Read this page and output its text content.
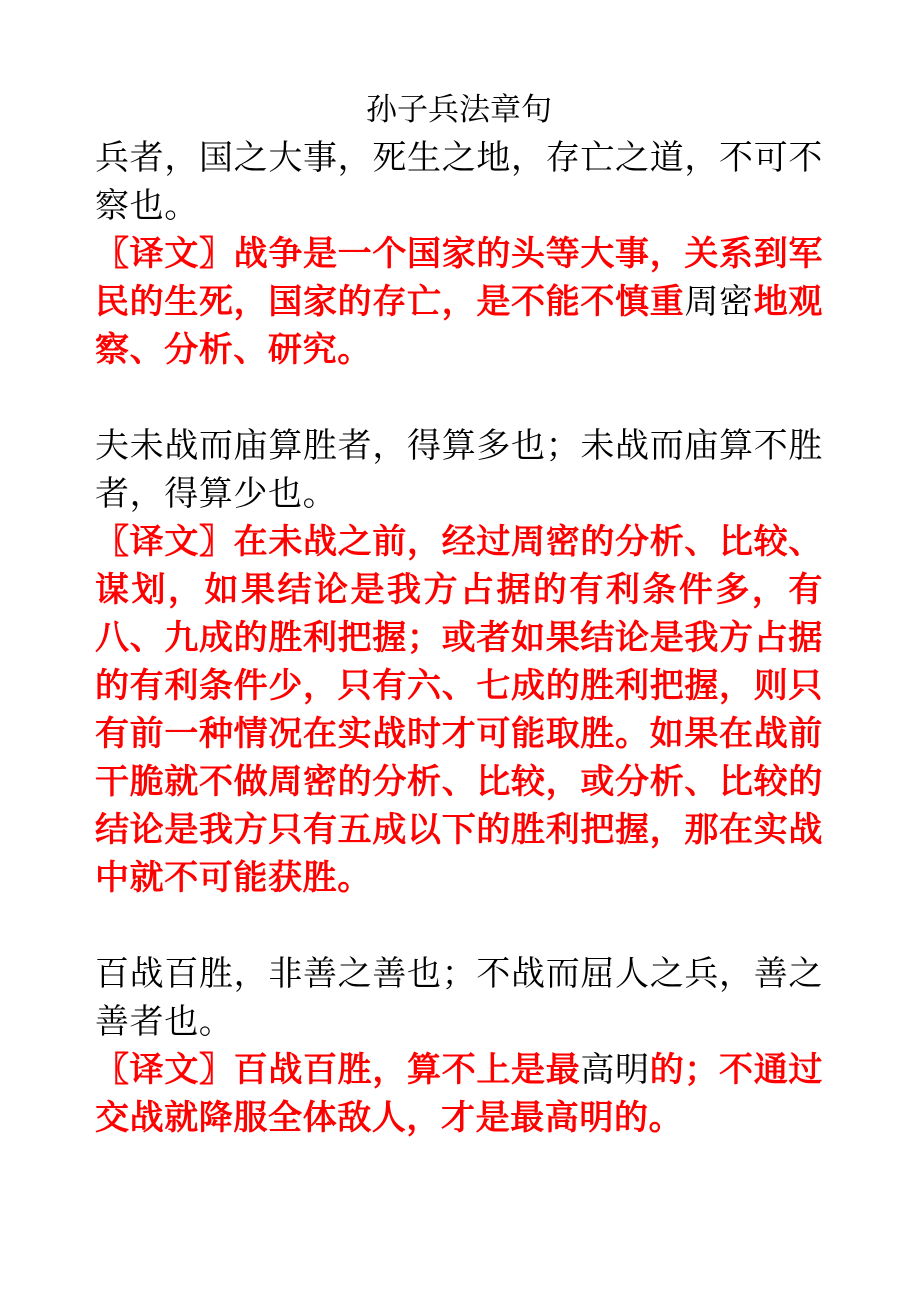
孙子兵法章句

兵者，国之大事，死生之地，存亡之道，不可不察也。

〖译文〗战争是一个国家的头等大事，关系到军民的生死，国家的存亡，是不能不慎重周密地观察、分析、研究。

夫未战而庙算胜者，得算多也；未战而庙算不胜者，得算少也。

〖译文〗在未战之前，经过周密的分析、比较、谋划，如果结论是我方占据的有利条件多，有八、九成的胜利把握；或者如果结论是我方占据的有利条件少，只有六、七成的胜利把握，则只有前一种情况在实战时才可能取胜。如果在战前干脆就不做周密的分析、比较，或分析、比较的结论是我方只有五成以下的胜利把握，那在实战中就不可能获胜。

百战百胜，非善之善也；不战而屈人之兵，善之善者也。

〖译文〗百战百胜，算不上是最高明的；不通过交战就降服全体敌人，才是最高明的。
